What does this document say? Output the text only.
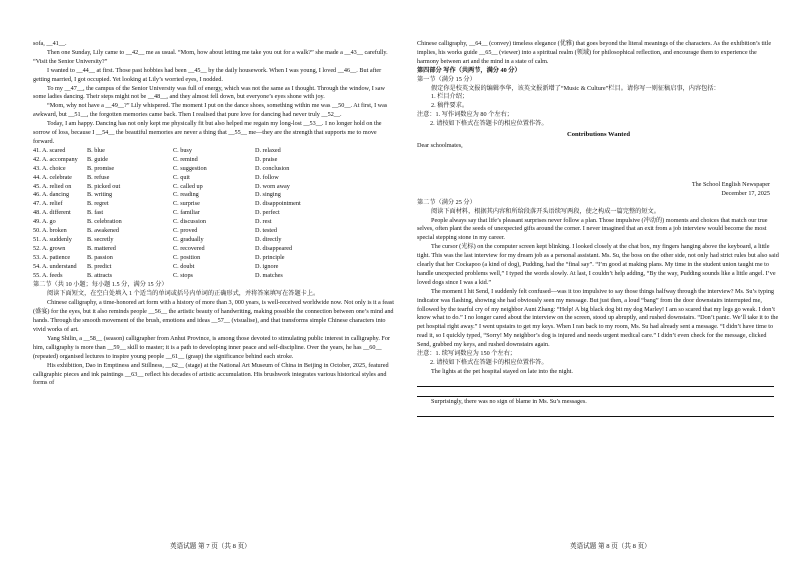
sofa, __41__.

Then one Sunday, Lily came to __42__ me as usual. “Mom, how about letting me take you out for a walk?” she made a __43__ carefully. “Visit the Senior University?”

I wanted to __44__ at first. Those past hobbies had been __45__ by the daily housework. When I was young, I loved __46__. But after getting married, I got occupied. Yet looking at Lily’s worried eyes, I nodded.

To my __47__, the campus of the Senior University was full of energy, which was not the same as I thought. Through the window, I saw some ladies dancing. Their steps might not be __48__, and they almost fell down, but everyone’s eyes shone with joy.

“Mom, why not have a __49__?” Lily whispered. The moment I put on the dance shoes, something within me was __50__. At first, I was awkward, but __51__, the forgotten memories came back. Then I realised that pure love for dancing had never truly __52__.

Today, I am happy. Dancing has not only kept me physically fit but also helped me regain my long-lost __53__. I no longer hold on the sorrow of loss, because I __54__ the beautiful memories are never a thing that __55__ me—they are the strength that supports me to move forward.

41. A. scared	B. blue	C. busy	D. relaxed
42. A. accompany	B. guide	C. remind	D. praise
43. A. choice	B. promise	C. suggestion	D. conclusion
44. A. celebrate	B. refuse	C. quit	D. follow
45. A. relied on	B. picked out	C. called up	D. worn away
46. A. dancing	B. writing	C. reading	D. singing
47. A. relief	B. regret	C. surprise	D. disappointment
48. A. different	B. fast	C. familiar	D. perfect
49. A. go	B. celebration	C. discussion	D. rest
50. A. broken	B. awakened	C. proved	D. tested
51. A. suddenly	B. secretly	C. gradually	D. directly
52. A. grown	B. mattered	C. recovered	D. disappeared
53. A. patience	B. passion	C. position	D. principle
54. A. understand	B. predict	C. doubt	D. ignore
55. A. feeds	B. attracts	C. stops	D. matches

第二节（共 10 小题；每小题 1.5 分，满分 15 分）

阅读下面短文，在空白处填入 1 个适当的单词或括号内单词的正确形式，并将答案填写在答题卡上。

Chinese calligraphy, a time-honored art form with a history of more than 3, 000 years, is well-received worldwide now. Not only is it a feast (盛宴) for the eyes, but it also reminds people __56__ the artistic beauty of handwriting, making possible the connection between one’s mind and hands. Through the smooth movement of the brush, emotions and ideas __57__ (visualise), and that transforms simple Chinese characters into vivid works of art.

Yang Shilin, a __58__ (season) calligrapher from Anhui Province, is among those devoted to stimulating public interest in calligraphy. For him, calligraphy is more than __59__ skill to master; it is a path to developing inner peace and self-discipline. Over the years, he has __60__ (repeated) organised lectures to inspire young people __61__ (grasp) the significance behind each stroke.

His exhibition, Dao in Emptiness and Stillness, __62__ (stage) at the National Art Museum of China in Beijing in October, 2025, featured calligraphic pieces and ink paintings __63__ reflect his decades of artistic accumulation. His brushwork integrates various historical styles and forms of

英语试题 第 7 页（共 8 页）

Chinese calligraphy, __64__ (convey) timeless elegance (优雅) that goes beyond the literal meanings of the characters. As the exhibition’s title implies, his works guide __65__ (viewer) into a spiritual realm (领域) for philosophical reflection, and encourage them to experience the harmony between art and the mind in a state of calm.

第四部分 写作（共两节，满分 40 分）

第一节（满分 15 分）

假定你是校英文报的编辑李华，该英文报新增了“Music & Culture”栏目。请你写一则征稿启事，内容包括：

1. 栏目介绍；

2. 稿件要求。

注意：1. 写作词数应为 80 个左右；

2. 请按如下格式在答题卡的相应位置作答。

Contributions Wanted

Dear schoolmates,

The School English Newspaper

December 17, 2025

第二节（满分 25 分）

阅读下面材料，根据其内容和所给段落开头语续写两段，使之构成一篇完整的短文。

People always say that life’s pleasant surprises never follow a plan. Those impulsive (冲动的) moments and choices that match our true selves, often plant the seeds of unexpected gifts around the corner. I never imagined that an exit from a job interview would become the most special stepping stone in my career.

The cursor (光标) on the computer screen kept blinking. I looked closely at the chat box, my fingers hanging above the keyboard, a little tight. This was the last interview for my dream job as a personal assistant. Ms. Su, the boss on the other side, not only had strict rules but also said clearly that her Cockapoo (a kind of dog), Pudding, had the “final say”. “I’m good at making plans. My time in the student union taught me to handle unexpected problems well,” I typed the words slowly. At last, I couldn’t help adding, “By the way, Pudding sounds like a little angel. I’ve loved dogs since I was a kid.”

The moment I hit Send, I suddenly felt confused—was it too impulsive to say those things halfway through the interview? Ms. Su’s typing indicator was flashing, showing she had obviously seen my message. But just then, a loud “bang” from the door downstairs interrupted me, followed by the tearful cry of my neighbor Aunt Zhang: “Help! A big black dog bit my dog Marley! I am so scared that my legs go weak. I don’t know what to do.” I no longer cared about the interview on the screen, stood up abruptly, and rushed downstairs. “Don’t panic. We’ll take it to the pet hospital right away.” I went upstairs to get my keys. When I ran back to my room, Ms. Su had already sent a message. “I didn’t have time to read it, so I quickly typed, “Sorry! My neighbor’s dog is injured and needs urgent medical care.” I didn’t even check for the message, clicked Send, grabbed my keys, and rushed downstairs again.

注意：1. 续写词数应为 150 个左右；

2. 请按如下格式在答题卡的相应位置作答。

The lights at the pet hospital stayed on late into the night.

Surprisingly, there was no sign of blame in Ms. Su’s messages.

英语试题 第 8 页（共 8 页）
